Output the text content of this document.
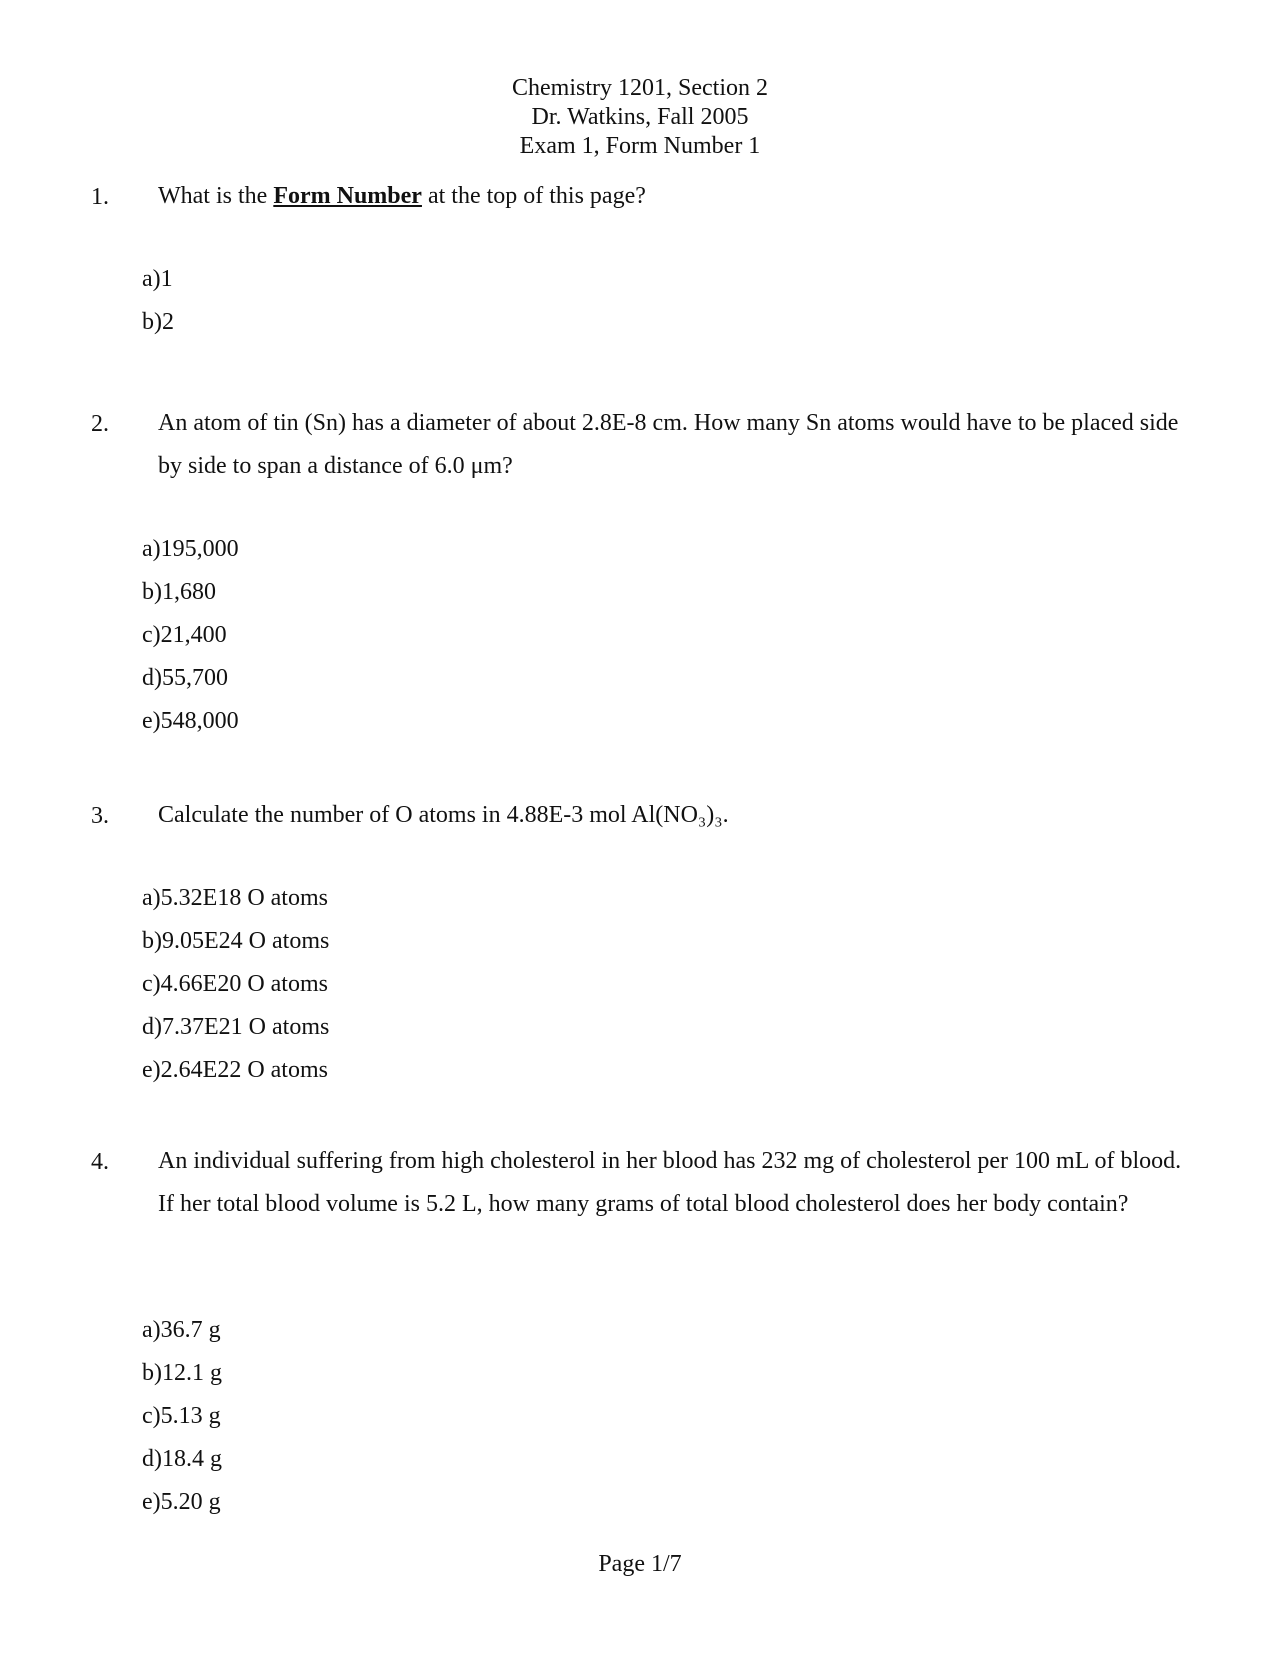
Chemistry 1201, Section 2
Dr. Watkins, Fall 2005
Exam 1, Form Number 1
1. What is the Form Number at the top of this page?
a)1
b)2
2. An atom of tin (Sn) has a diameter of about 2.8E-8 cm. How many Sn atoms would have to be placed side by side to span a distance of 6.0 μm?
a)195,000
b)1,680
c)21,400
d)55,700
e)548,000
3. Calculate the number of O atoms in 4.88E-3 mol Al(NO₃)₃.
a)5.32E18 O atoms
b)9.05E24 O atoms
c)4.66E20 O atoms
d)7.37E21 O atoms
e)2.64E22 O atoms
4. An individual suffering from high cholesterol in her blood has 232 mg of cholesterol per 100 mL of blood. If her total blood volume is 5.2 L, how many grams of total blood cholesterol does her body contain?
a)36.7 g
b)12.1 g
c)5.13 g
d)18.4 g
e)5.20 g
Page 1/7
